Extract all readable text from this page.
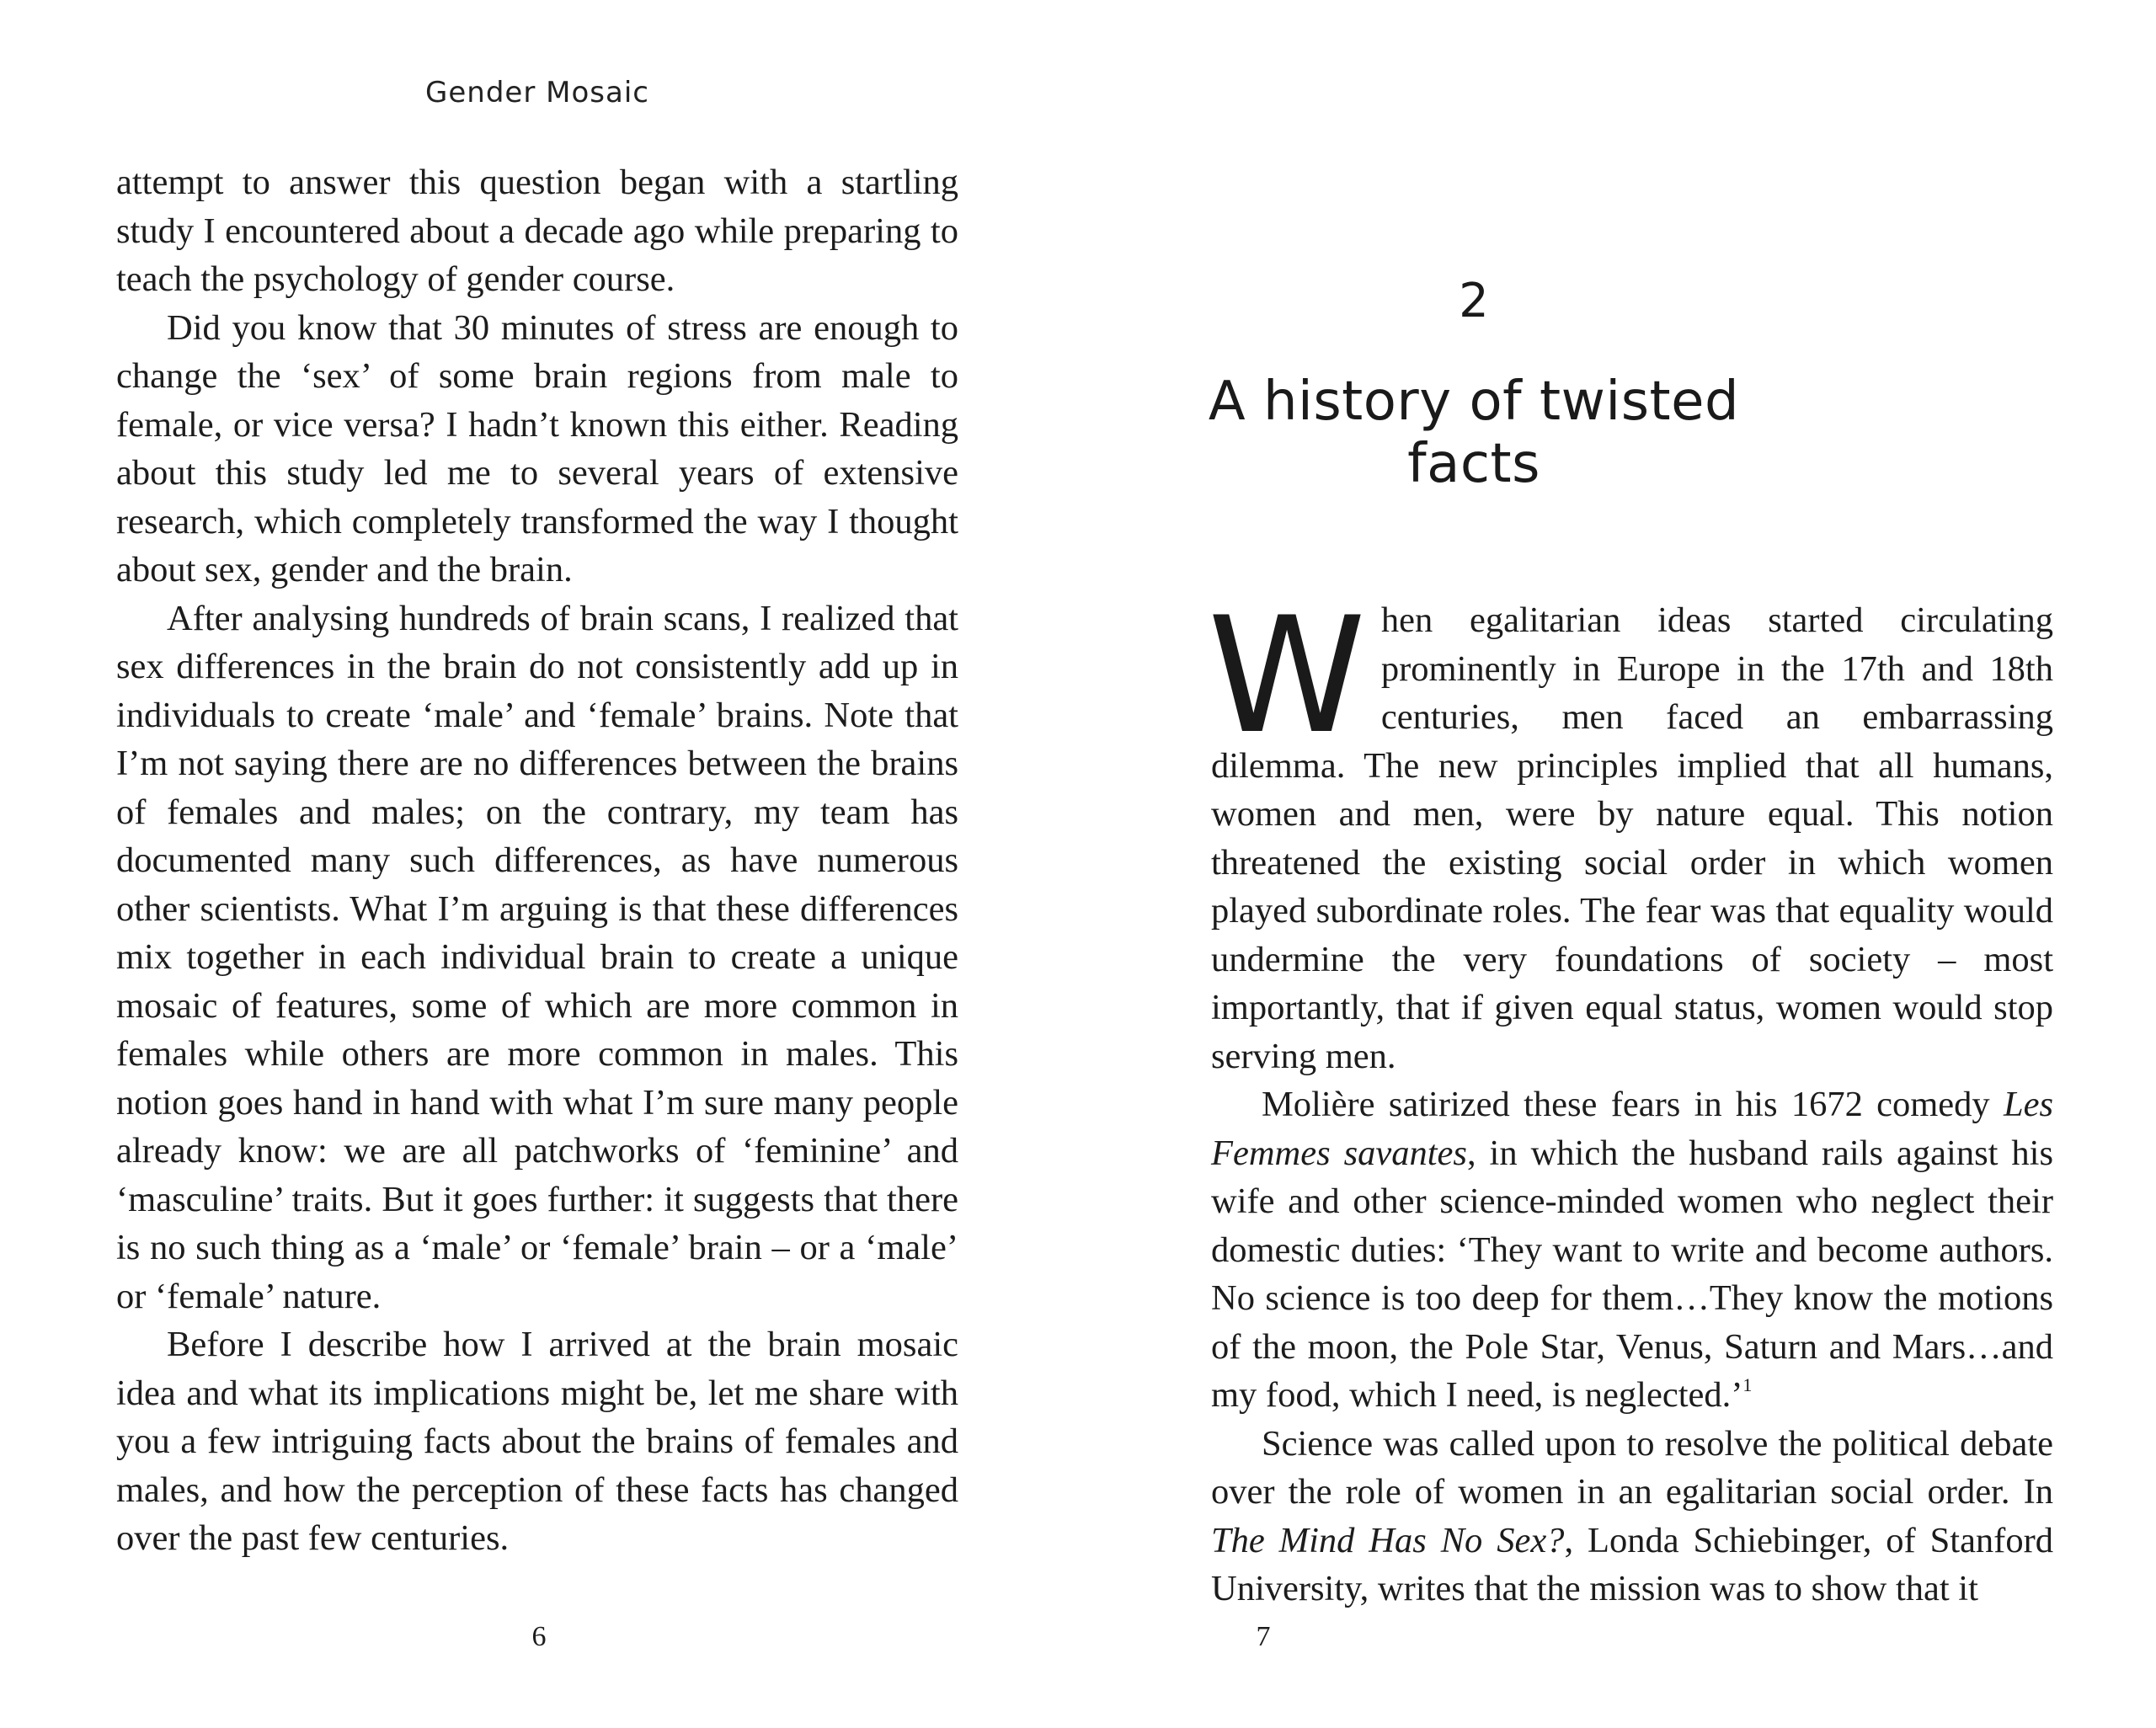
Gender Mosaic

attempt to answer this question began with a startling study I encountered about a decade ago while preparing to teach the psychology of gender course.

Did you know that 30 minutes of stress are enough to change the ‘sex’ of some brain regions from male to female, or vice versa? I hadn’t known this either. Reading about this study led me to several years of extensive research, which completely transformed the way I thought about sex, gender and the brain.

After analysing hundreds of brain scans, I realized that sex differences in the brain do not consistently add up in individuals to create ‘male’ and ‘female’ brains. Note that I’m not saying there are no differences between the brains of females and males; on the contrary, my team has documented many such differences, as have numerous other scientists. What I’m arguing is that these differences mix together in each individual brain to create a unique mosaic of features, some of which are more common in females while others are more common in males. This notion goes hand in hand with what I’m sure many people already know: we are all patchworks of ‘feminine’ and ‘masculine’ traits. But it goes further: it suggests that there is no such thing as a ‘male’ or ‘female’ brain – or a ‘male’ or ‘female’ nature.

Before I describe how I arrived at the brain mosaic idea and what its implications might be, let me share with you a few intriguing facts about the brains of females and males, and how the perception of these facts has changed over the past few centuries.

6
2
A history of twisted facts

When egalitarian ideas started circulating prominently in Europe in the 17th and 18th centuries, men faced an embarrassing dilemma. The new principles implied that all humans, women and men, were by nature equal. This notion threatened the existing social order in which women played subordinate roles. The fear was that equality would undermine the very foundations of society – most importantly, that if given equal status, women would stop serving men.

Molière satirized these fears in his 1672 comedy Les Femmes savantes, in which the husband rails against his wife and other science-minded women who neglect their domestic duties: ‘They want to write and become authors. No science is too deep for them…They know the motions of the moon, the Pole Star, Venus, Saturn and Mars…and my food, which I need, is neglected.’$^1$

Science was called upon to resolve the political debate over the role of women in an egalitarian social order. In The Mind Has No Sex?, Londa Schiebinger, of Stanford University, writes that the mission was to show that it

7
